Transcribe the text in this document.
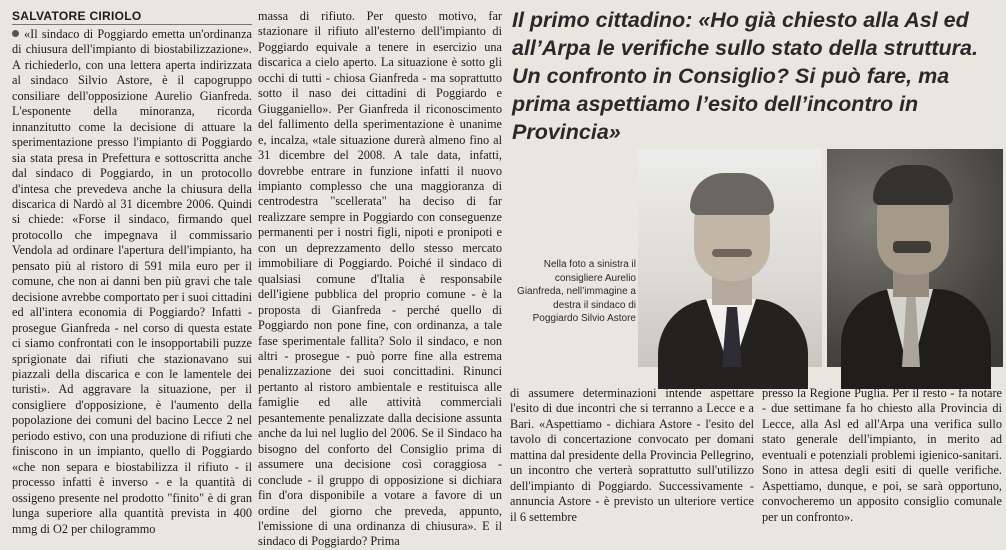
SALVATORE CIRIOLO

«Il sindaco di Poggiardo emetta un'ordinanza di chiusura dell'impianto di biostabilizzazione». A richiederlo, con una lettera aperta indirizzata al sindaco Silvio Astore, è il capogruppo consiliare dell'opposizione Aurelio Gianfreda. L'esponente della minoranza, ricorda innanzitutto come la decisione di attuare la sperimentazione presso l'impianto di Poggiardo sia stata presa in Prefettura e sottoscritta anche dal sindaco di Poggiardo, in un protocollo d'intesa che prevedeva anche la chiusura della discarica di Nardò al 31 dicembre 2006. Quindi si chiede: «Forse il sindaco, firmando quel protocollo che impegnava il commissario Vendola ad ordinare l'apertura dell'impianto, ha pensato più al ristoro di 591 mila euro per il comune, che non ai danni ben più gravi che tale decisione avrebbe comportato per i suoi cittadini ed all'intera economia di Poggiardo? Infatti - prosegue Gianfreda - nel corso di questa estate ci siamo confrontati con le insopportabili puzze sprigionate dai rifiuti che stazionavano sui piazzali della discarica e con le lamentele dei turisti». Ad aggravare la situazione, per il consigliere d'opposizione, è l'aumento della popolazione dei comuni del bacino Lecce 2 nel periodo estivo, con una produzione di rifiuti che finiscono in un impianto, quello di Poggiardo «che non separa e biostabilizza il rifiuto - il processo infatti è inverso - e la quantità di ossigeno presente nel prodotto "finito" è di gran lunga superiore alla quantità prevista in 400 mmg di O2 per chilogrammo

massa di rifiuto. Per questo motivo, far stazionare il rifiuto all'esterno dell'impianto di Poggiardo equivale a tenere in esercizio una discarica a cielo aperto. La situazione è sotto gli occhi di tutti - chiosa Gianfreda - ma soprattutto sotto il naso dei cittadini di Poggiardo e Giugganiello». Per Gianfreda il riconoscimento del fallimento della sperimentazione è unanime e, incalza, «tale situazione durerà almeno fino al 31 dicembre del 2008. A tale data, infatti, dovrebbe entrare in funzione infatti il nuovo impianto complesso che una maggioranza di centrodestra "scellerata" ha deciso di far realizzare sempre in Poggiardo con conseguenze permanenti per i nostri figli, nipoti e pronipoti e con un deprezzamento dello stesso mercato immobiliare di Poggiardo. Poiché il sindaco di qualsiasi comune d'Italia è responsabile dell'igiene pubblica del proprio comune - è la proposta di Gianfreda - perché quello di Poggiardo non pone fine, con ordinanza, a tale fase sperimentale fallita? Solo il sindaco, e non altri - prosegue - può porre fine alla estrema penalizzazione dei suoi concittadini. Rinunci pertanto al ristoro ambientale e restituisca alle famiglie ed alle attività commerciali pesantemente penalizzate dalla decisione assunta anche da lui nel luglio del 2006. Se il Sindaco ha bisogno del conforto del Consiglio prima di assumere una decisione così coraggiosa - conclude - il gruppo di opposizione si dichiara fin d'ora disponibile a votare a favore di un ordine del giorno che preveda, appunto, l'emissione di una ordinanza di chiusura». E il sindaco di Poggiardo? Prima

Il primo cittadino: «Ho già chiesto alla Asl ed all’Arpa le verifiche sullo stato della struttura. Un confronto in Consiglio? Si può fare, ma prima aspettiamo l’esito dell’incontro in Provincia»
Nella foto a sinistra il consigliere Aurelio Gianfreda, nell’immagine a destra il sindaco di Poggiardo Silvio Astore

di assumere determinazioni intende aspettare l'esito di due incontri che si terranno a Lecce e a Bari. «Aspettiamo - dichiara Astore - l'esito del tavolo di concertazione convocato per domani mattina dal presidente della Provincia Pellegrino, un incontro che verterà soprattutto sull'utilizzo dell'impianto di Poggiardo. Successivamente - annuncia Astore - è previsto un ulteriore vertice il 6 settembre

presso la Regione Puglia. Per il resto - fa notare - due settimane fa ho chiesto alla Provincia di Lecce, alla Asl ed all'Arpa una verifica sullo stato generale dell'impianto, in merito ad eventuali e potenziali problemi igienico-sanitari. Sono in attesa degli esiti di quelle verifiche. Aspettiamo, dunque, e poi, se sarà opportuno, convocheremo un apposito consiglio comunale per un confronto».
